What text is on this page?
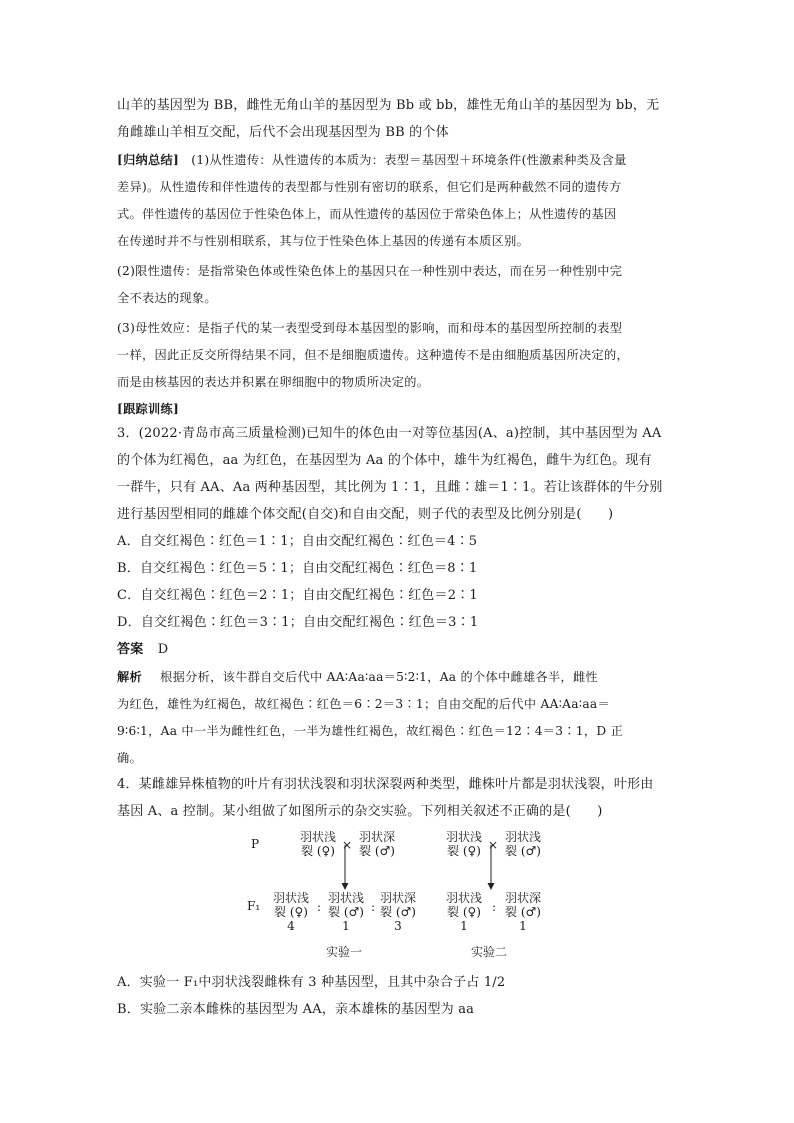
山羊的基因型为 BB，雌性无角山羊的基因型为 Bb 或 bb，雄性无角山羊的基因型为 bb，无
角雌雄山羊相互交配，后代不会出现基因型为 BB 的个体
[归纳总结] (1)从性遗传：从性遗传的本质为：表型＝基因型＋环境条件(性激素种类及含量
差异)。从性遗传和伴性遗传的表型都与性别有密切的联系，但它们是两种截然不同的遗传方
式。伴性遗传的基因位于性染色体上，而从性遗传的基因位于常染色体上；从性遗传的基因
在传递时并不与性别相联系，其与位于性染色体上基因的传递有本质区别。
(2)限性遗传：是指常染色体或性染色体上的基因只在一种性别中表达，而在另一种性别中完
全不表达的现象。
(3)母性效应：是指子代的某一表型受到母本基因型的影响，而和母本的基因型所控制的表型
一样，因此正反交所得结果不同，但不是细胞质遗传。这种遗传不是由细胞质基因所决定的，
而是由核基因的表达并积累在卵细胞中的物质所决定的。
[跟踪训练]
3．(2022·青岛市高三质量检测)已知牛的体色由一对等位基因(A、a)控制，其中基因型为 AA
的个体为红褐色，aa 为红色，在基因型为 Aa 的个体中，雄牛为红褐色，雌牛为红色。现有
一群牛，只有 AA、Aa 两种基因型，其比例为 1∶1，且雌∶雄＝1∶1。若让该群体的牛分别
进行基因型相同的雌雄个体交配(自交)和自由交配，则子代的表型及比例分别是(　　)
A．自交红褐色∶红色＝1∶1；自由交配红褐色∶红色＝4∶5
B．自交红褐色∶红色＝5∶1；自由交配红褐色∶红色＝8∶1
C．自交红褐色∶红色＝2∶1；自由交配红褐色∶红色＝2∶1
D．自交红褐色∶红色＝3∶1；自由交配红褐色∶红色＝3∶1
答案 D
解析 根据分析，该牛群自交后代中 AA∶Aa∶aa＝5∶2∶1，Aa 的个体中雌雄各半，雌性
为红色，雄性为红褐色，故红褐色∶红色＝6∶2＝3∶1；自由交配的后代中 AA∶Aa∶aa＝
9∶6∶1，Aa 中一半为雌性红色，一半为雄性红褐色，故红褐色∶红色＝12∶4＝3∶1，D 正
确。
4．某雌雄异株植物的叶片有羽状浅裂和羽状深裂两种类型，雌株叶片都是羽状浅裂，叶形由
基因 A、a 控制。某小组做了如图所示的杂交实验。下列相关叙述不正确的是(　　)
P
F₁
羽状浅
裂 (♀) ×
羽状深
裂 (♂)
羽状浅
裂 (♀)
4
:
羽状浅
裂 (♂)
1
:
羽状深
裂 (♂)
3
实验一
羽状浅
裂 (♀) ×
羽状浅
裂 (♂)
羽状浅
裂 (♀)
1
:
羽状深
裂 (♂)
1
实验二
A．实验一 F₁中羽状浅裂雌株有 3 种基因型，且其中杂合子占 1/2
B．实验二亲本雌株的基因型为 AA，亲本雄株的基因型为 aa
